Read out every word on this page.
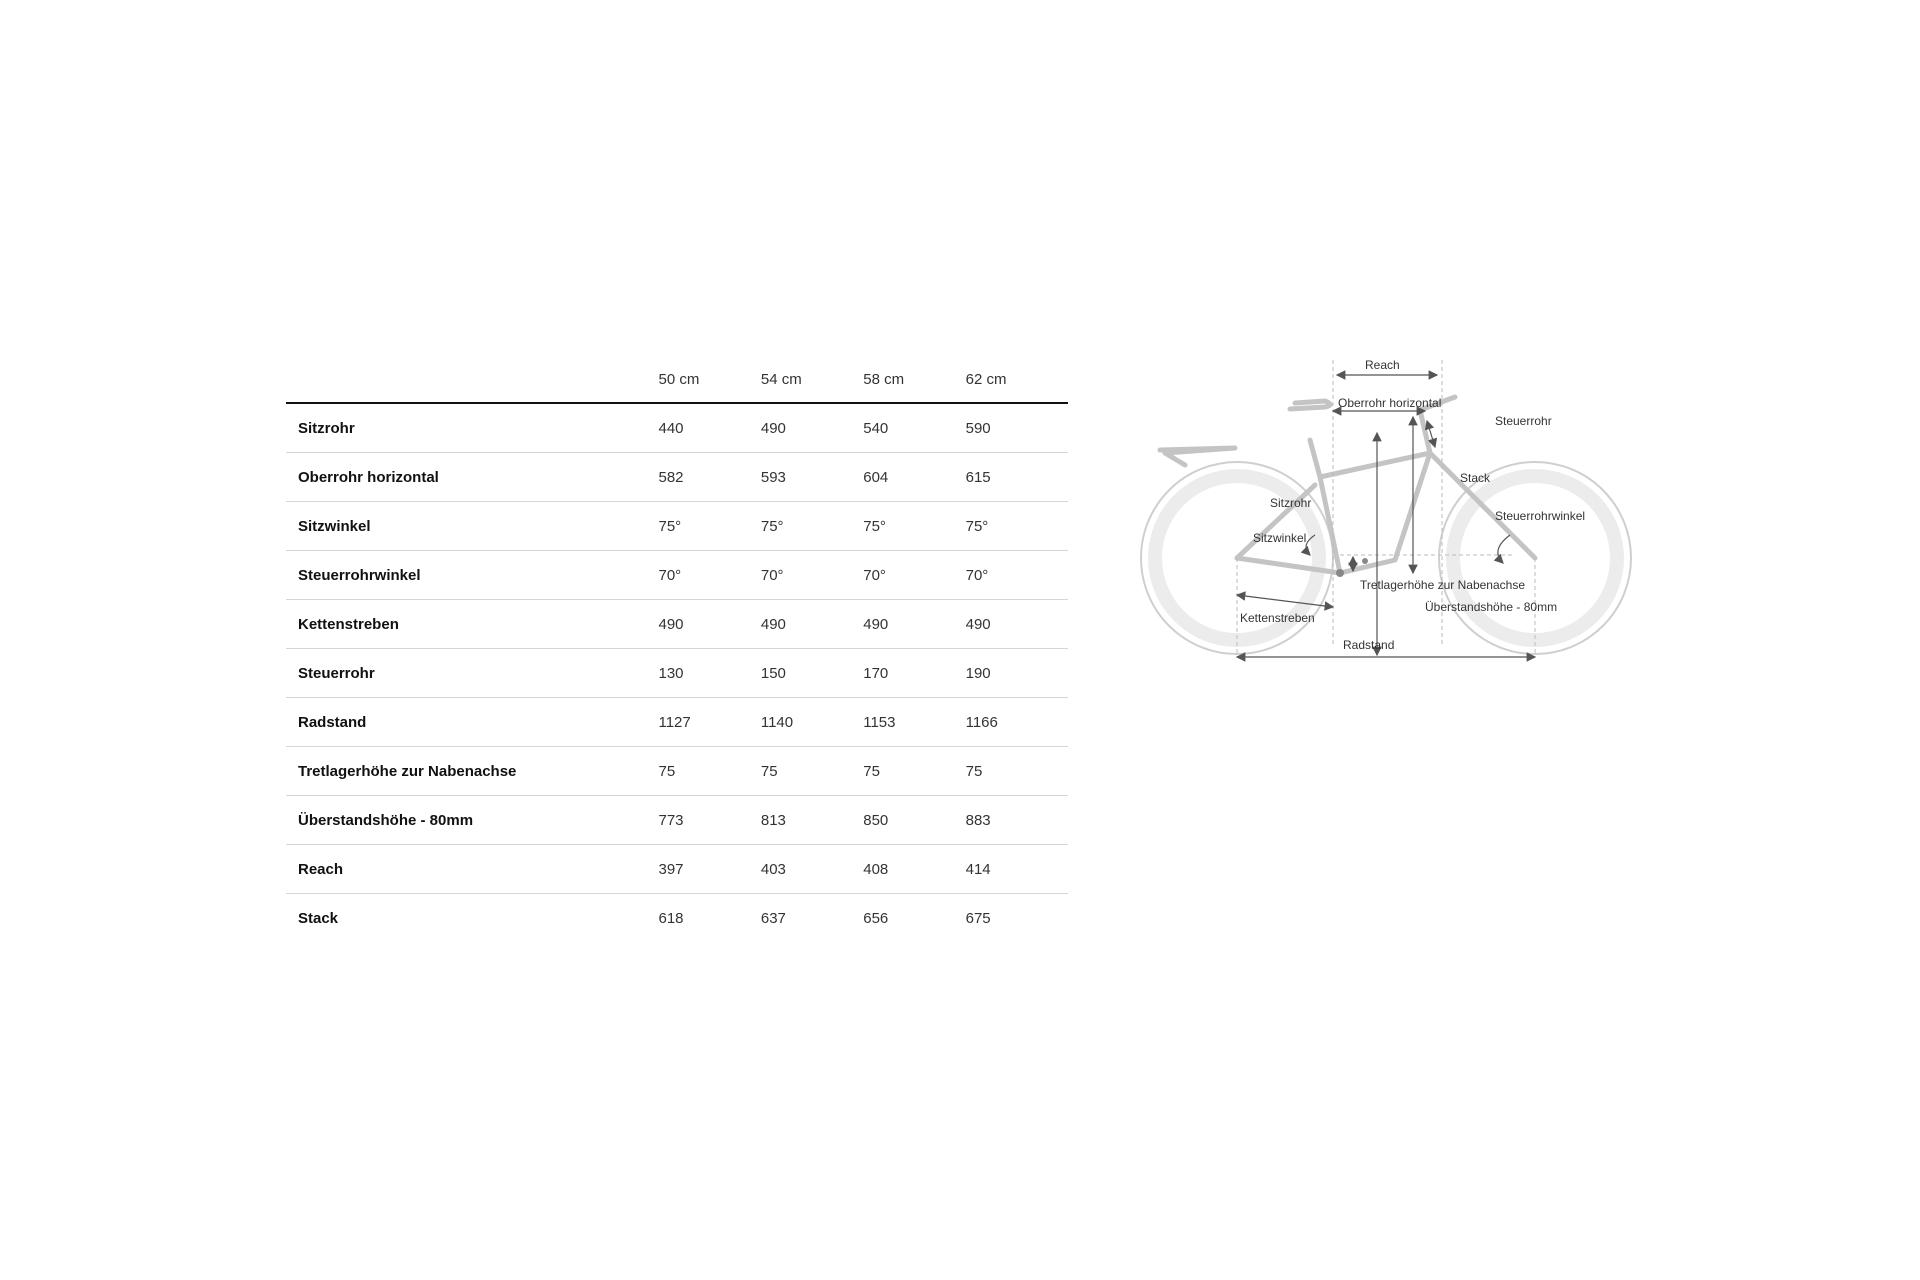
	50 cm	54 cm	58 cm	62 cm
Sitzrohr	440	490	540	590
Oberrohr horizontal	582	593	604	615
Sitzwinkel	75°	75°	75°	75°
Steuerrohrwinkel	70°	70°	70°	70°
Kettenstreben	490	490	490	490
Steuerrohr	130	150	170	190
Radstand	1127	1140	1153	1166
Tretlagerhöhe zur Nabenachse	75	75	75	75
Überstandshöhe - 80mm	773	813	850	883
Reach	397	403	408	414
Stack	618	637	656	675
Reach
Oberrohr horizontal
Steuerrohr
Stack
Sitzrohr
Steuerrohrwinkel
Sitzwinkel
Tretlagerhöhe zur Nabenachse
Überstandshöhe - 80mm
Kettenstreben
Radstand
